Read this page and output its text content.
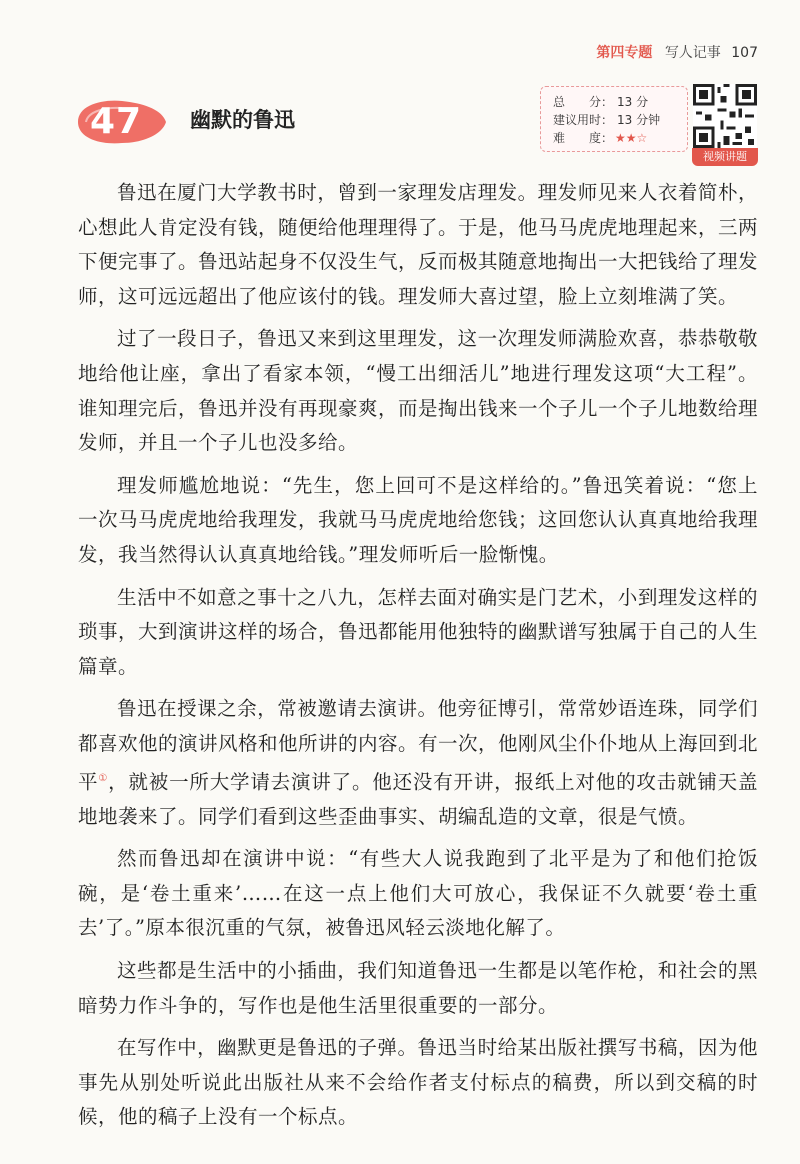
第四专题 写人记事 107
47 幽默的鲁迅
总　　分： 13 分
建议用时： 13 分钟
难　　度： ★★☆
视频讲题

鲁迅在厦门大学教书时，曾到一家理发店理发。理发师见来人衣着简朴，心想此人肯定没有钱，随便给他理理得了。于是，他马马虎虎地理起来，三两下便完事了。鲁迅站起身不仅没生气，反而极其随意地掏出一大把钱给了理发师，这可远远超出了他应该付的钱。理发师大喜过望，脸上立刻堆满了笑。

过了一段日子，鲁迅又来到这里理发，这一次理发师满脸欢喜，恭恭敬敬地给他让座，拿出了看家本领，“慢工出细活儿”地进行理发这项“大工程”。谁知理完后，鲁迅并没有再现豪爽，而是掏出钱来一个子儿一个子儿地数给理发师，并且一个子儿也没多给。

理发师尴尬地说：“先生，您上回可不是这样给的。”鲁迅笑着说：“您上一次马马虎虎地给我理发，我就马马虎虎地给您钱；这回您认认真真地给我理发，我当然得认认真真地给钱。”理发师听后一脸惭愧。

生活中不如意之事十之八九，怎样去面对确实是门艺术，小到理发这样的琐事，大到演讲这样的场合，鲁迅都能用他独特的幽默谱写独属于自己的人生篇章。

鲁迅在授课之余，常被邀请去演讲。他旁征博引，常常妙语连珠，同学们都喜欢他的演讲风格和他所讲的内容。有一次，他刚风尘仆仆地从上海回到北平①，就被一所大学请去演讲了。他还没有开讲，报纸上对他的攻击就铺天盖地地袭来了。同学们看到这些歪曲事实、胡编乱造的文章，很是气愤。

然而鲁迅却在演讲中说：“有些大人说我跑到了北平是为了和他们抢饭碗，是‘卷土重来’……在这一点上他们大可放心，我保证不久就要‘卷土重去’了。”原本很沉重的气氛，被鲁迅风轻云淡地化解了。

这些都是生活中的小插曲，我们知道鲁迅一生都是以笔作枪，和社会的黑暗势力作斗争的，写作也是他生活里很重要的一部分。

在写作中，幽默更是鲁迅的子弹。鲁迅当时给某出版社撰写书稿，因为他事先从别处听说此出版社从来不会给作者支付标点的稿费，所以到交稿的时候，他的稿子上没有一个标点。
